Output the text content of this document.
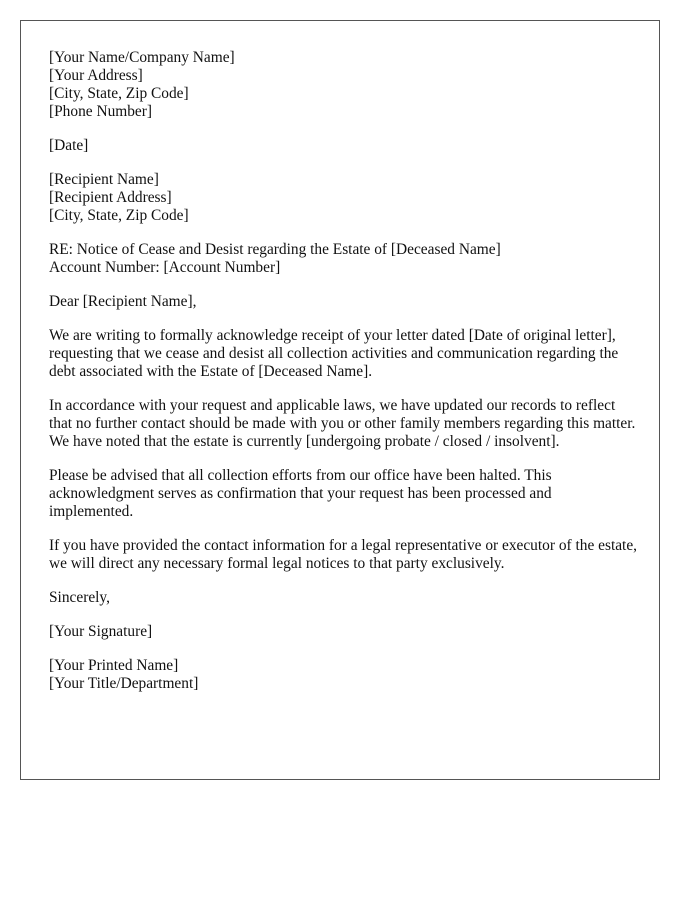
[Your Name/Company Name]
[Your Address]
[City, State, Zip Code]
[Phone Number]
[Date]
[Recipient Name]
[Recipient Address]
[City, State, Zip Code]
RE: Notice of Cease and Desist regarding the Estate of [Deceased Name]
Account Number: [Account Number]

Dear [Recipient Name],

We are writing to formally acknowledge receipt of your letter dated [Date of original letter], requesting that we cease and desist all collection activities and communication regarding the debt associated with the Estate of [Deceased Name].

In accordance with your request and applicable laws, we have updated our records to reflect that no further contact should be made with you or other family members regarding this matter. We have noted that the estate is currently [undergoing probate / closed / insolvent].

Please be advised that all collection efforts from our office have been halted. This acknowledgment serves as confirmation that your request has been processed and implemented.

If you have provided the contact information for a legal representative or executor of the estate, we will direct any necessary formal legal notices to that party exclusively.

Sincerely,

[Your Signature]

[Your Printed Name]
[Your Title/Department]
